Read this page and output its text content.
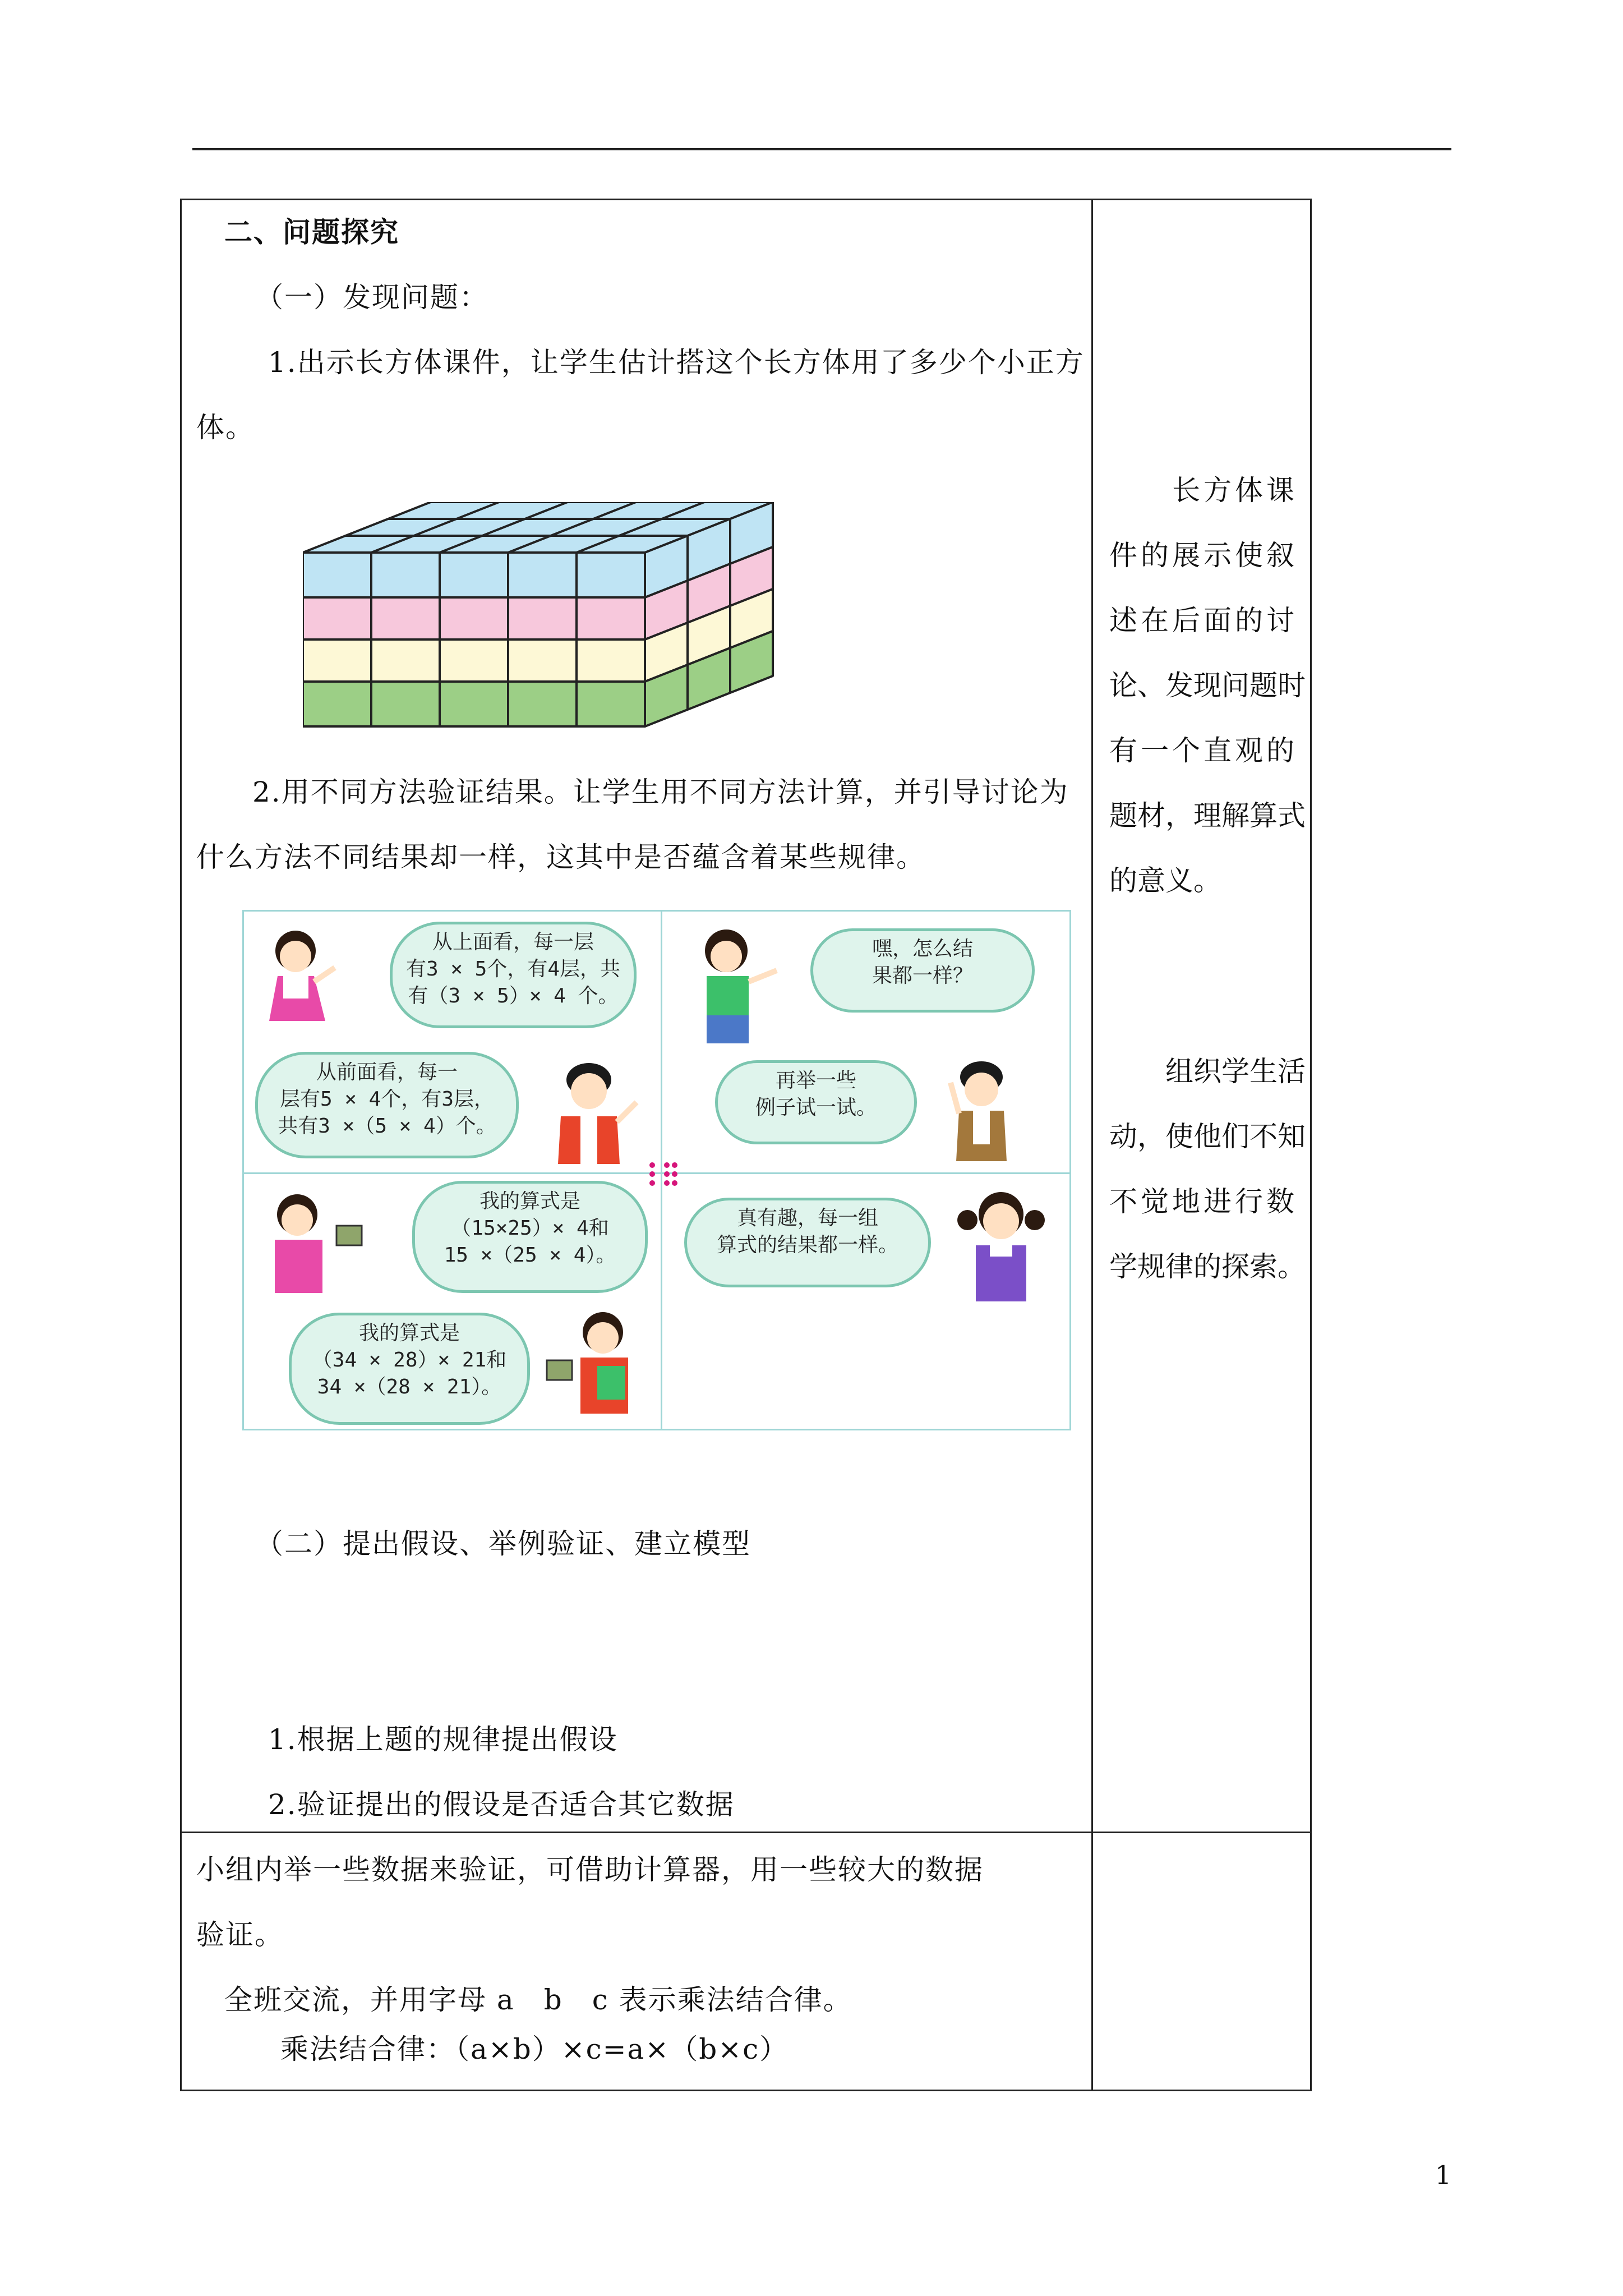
二、问题探究
（一）发现问题：
1.出示长方体课件，让学生估计搭这个长方体用了多少个小正方
体。
2.用不同方法验证结果。让学生用不同方法计算，并引导讨论为
什么方法不同结果却一样，这其中是否蕴含着某些规律。
从上面看，每一层
有3 × 5个，有4层，共
有（3 × 5）× 4 个。
从前面看，每一
层有5 × 4个，有3层，
共有3 ×（5 × 4）个。
嘿，怎么结
果都一样？
再举一些
例子试一试。
我的算式是
（15×25）× 4和
15 ×（25 × 4）。
我的算式是
（34 × 28）× 21和
34 ×（28 × 21）。
真有趣，每一组
算式的结果都一样。
（二）提出假设、举例验证、建立模型
1.根据上题的规律提出假设
2.验证提出的假设是否适合其它数据
小组内举一些数据来验证，可借助计算器，用一些较大的数据
验证。
全班交流，并用字母 a　b　c 表示乘法结合律。
乘法结合律：（a×b）×c=a×（b×c）
　　长方体课
件的展示使叙
述在后面的讨
论、发现问题时
有一个直观的
题材，理解算式
的意义。
　　组织学生活
动，使他们不知
不觉地进行数
学规律的探索。
1
